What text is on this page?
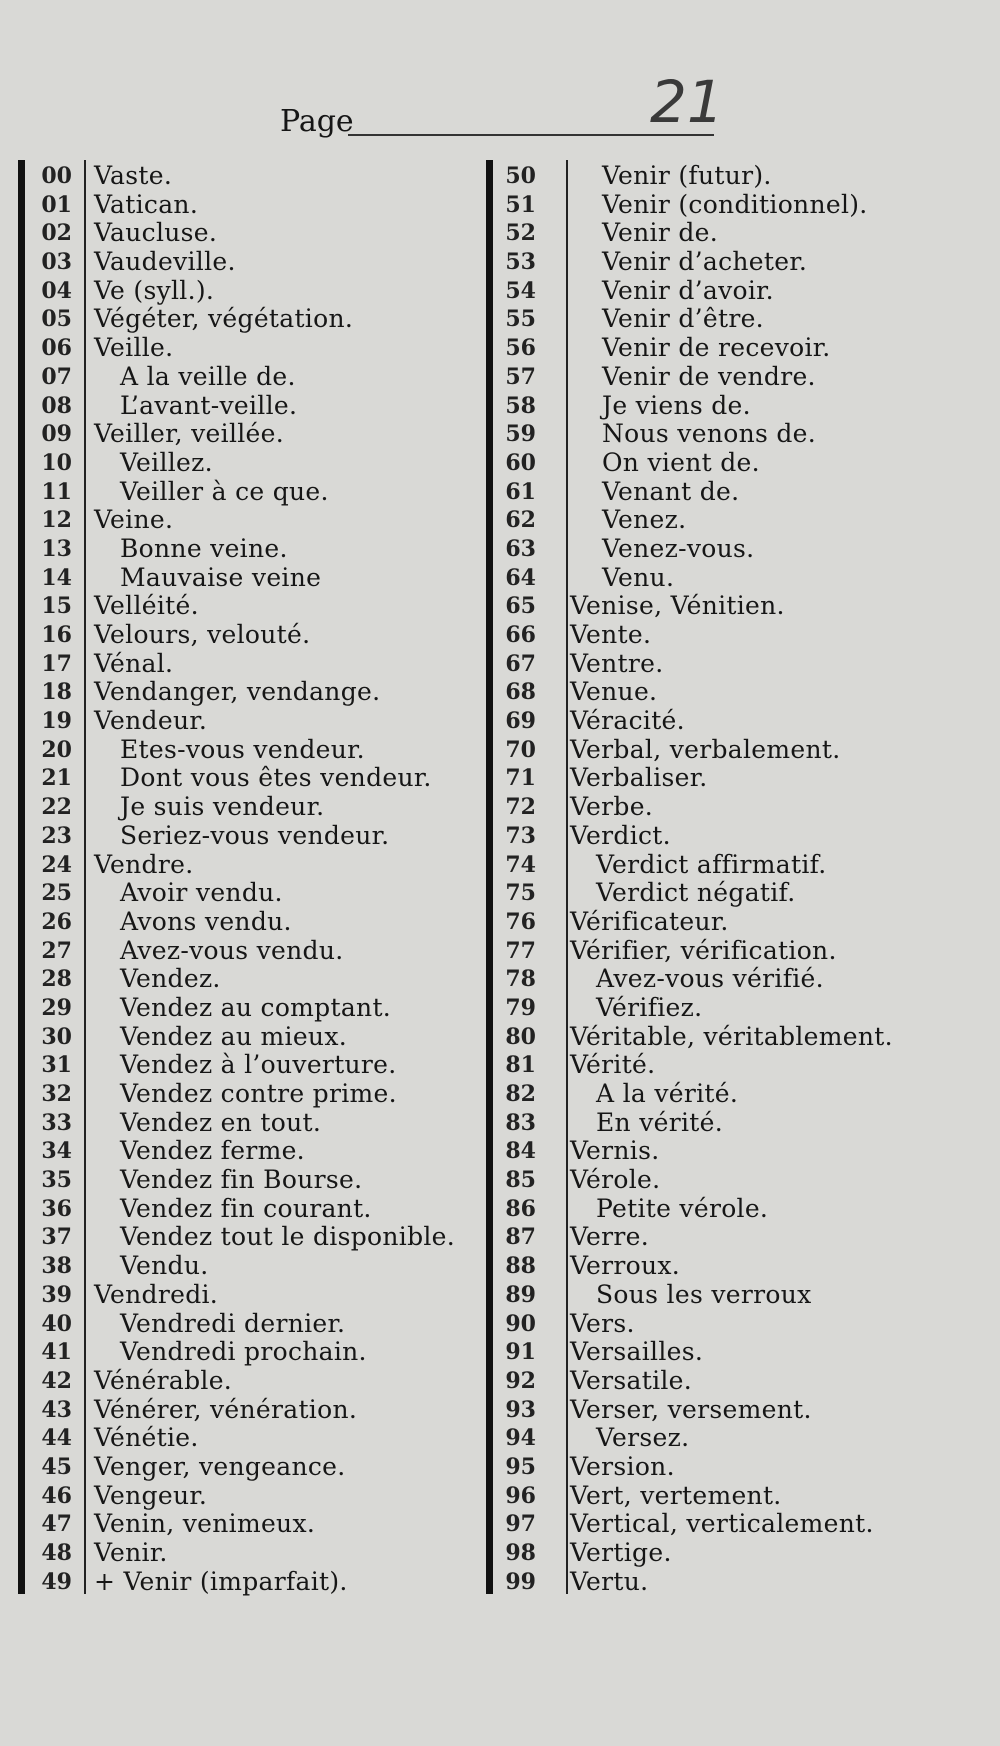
Page	21
00 Vaste.
01 Vatican.
02 Vaucluse.
03 Vaudeville.
04 Ve (syll.).
05 Végéter, végétation.
06 Veille.
07 A la veille de.
08 L’avant-veille.
09 Veiller, veillée.
10 Veillez.
11 Veiller à ce que.
12 Veine.
13 Bonne veine.
14 Mauvaise veine
15 Velléité.
16 Velours, velouté.
17 Vénal.
18 Vendanger, vendange.
19 Vendeur.
20 Etes-vous vendeur.
21 Dont vous êtes vendeur.
22 Je suis vendeur.
23 Seriez-vous vendeur.
24 Vendre.
25 Avoir vendu.
26 Avons vendu.
27 Avez-vous vendu.
28 Vendez.
29 Vendez au comptant.
30 Vendez au mieux.
31 Vendez à l’ouverture.
32 Vendez contre prime.
33 Vendez en tout.
34 Vendez ferme.
35 Vendez fin Bourse.
36 Vendez fin courant.
37 Vendez tout le disponible.
38 Vendu.
39 Vendredi.
40 Vendredi dernier.
41 Vendredi prochain.
42 Vénérable.
43 Vénérer, vénération.
44 Vénétie.
45 Venger, vengeance.
46 Vengeur.
47 Venin, venimeux.
48 Venir.
49 + Venir (imparfait).
50	Venir (futur).
51	Venir (conditionnel).
52	Venir de.
53	Venir d’acheter.
54	Venir d’avoir.
55	Venir d’être.
56	Venir de recevoir.
57	Venir de vendre.
58	Je viens de.
59	Nous venons de.
60	On vient de.
61	Venant de.
62	Venez.
63	Venez-vous.
64	Venu.
65 Venise, Vénitien.
66 Vente.
67 Ventre.
68 Venue.
69 Véracité.
70 Verbal, verbalement.
71 Verbaliser.
72 Verbe.
73 Verdict.
74 Verdict affirmatif.
75 Verdict négatif.
76 Vérificateur.
77 Vérifier, vérification.
78 Avez-vous vérifié.
79 Vérifiez.
80 Véritable, véritablement.
81 Vérité.
82 A la vérité.
83 En vérité.
84 Vernis.
85 Vérole.
86 Petite vérole.
87 Verre.
88 Verroux.
89 Sous les verroux
90 Vers.
91 Versailles.
92 Versatile.
93 Verser, versement.
94 Versez.
95 Version.
96 Vert, vertement.
97 Vertical, verticalement.
98 Vertige.
99 Vertu.
